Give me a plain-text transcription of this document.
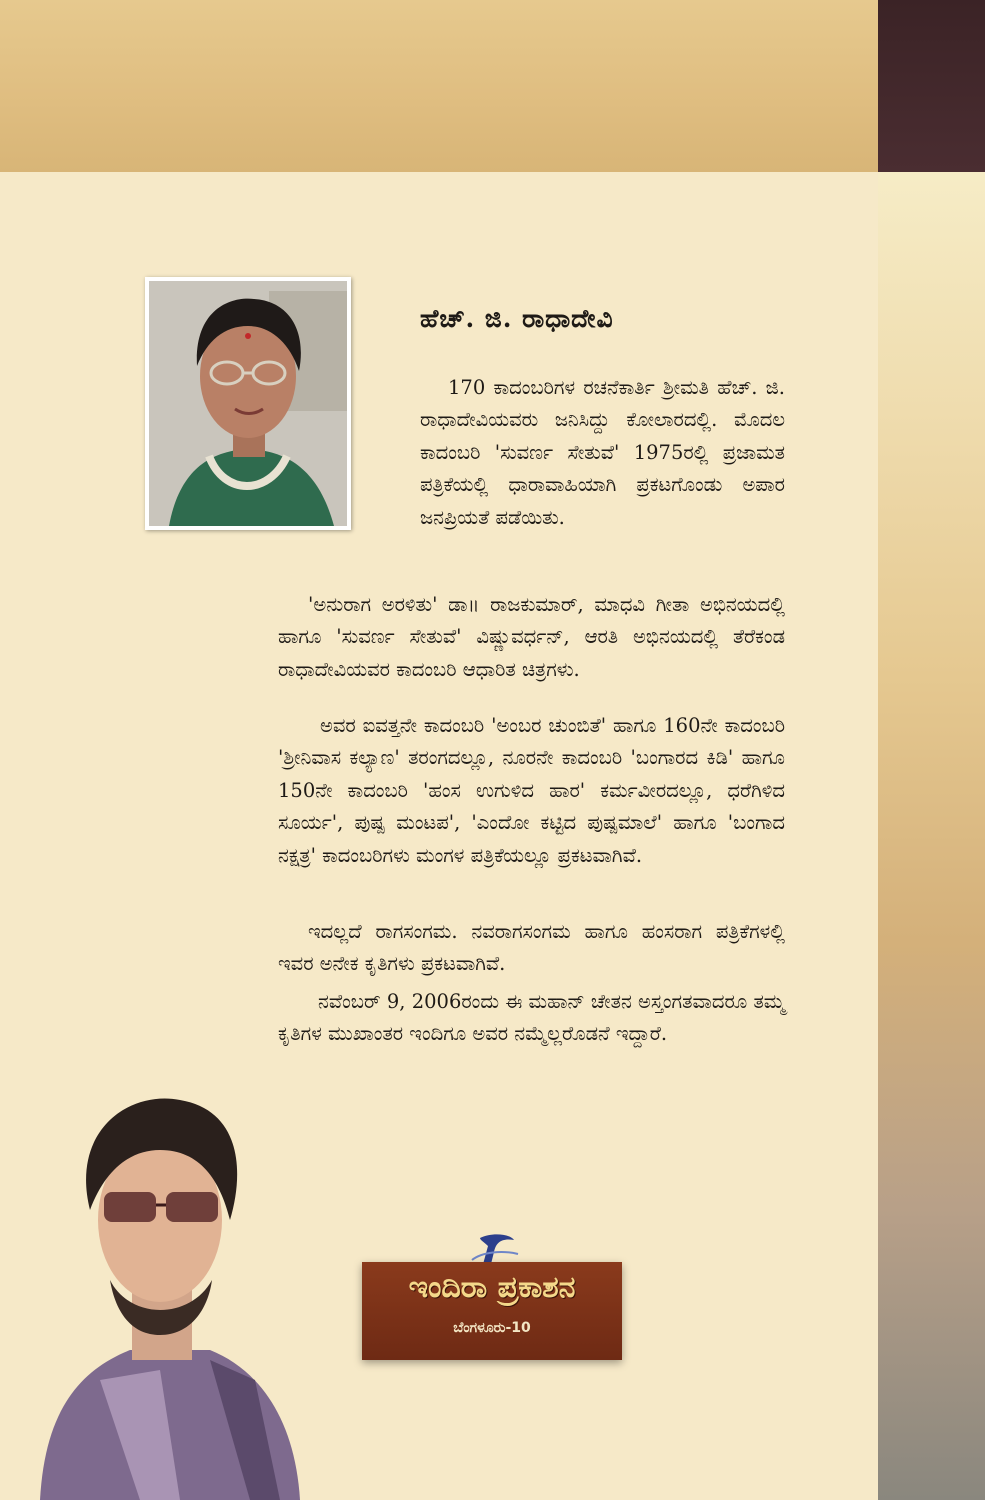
ಹೆಚ್. ಜಿ. ರಾಧಾದೇವಿ

170 ಕಾದಂಬರಿಗಳ ರಚನೆಕಾರ್ತಿ ಶ್ರೀಮತಿ ಹೆಚ್. ಜಿ. ರಾಧಾದೇವಿಯವರು ಜನಿಸಿದ್ದು ಕೋಲಾರದಲ್ಲಿ. ಮೊದಲ ಕಾದಂಬರಿ 'ಸುವರ್ಣ ಸೇತುವೆ' 1975ರಲ್ಲಿ ಪ್ರಜಾಮತ ಪತ್ರಿಕೆಯಲ್ಲಿ ಧಾರಾವಾಹಿಯಾಗಿ ಪ್ರಕಟಗೊಂಡು ಅಪಾರ ಜನಪ್ರಿಯತೆ ಪಡೆಯಿತು.

'ಅನುರಾಗ ಅರಳಿತು' ಡಾ॥ ರಾಜಕುಮಾರ್, ಮಾಧವಿ ಗೀತಾ ಅಭಿನಯದಲ್ಲಿ ಹಾಗೂ 'ಸುವರ್ಣ ಸೇತುವೆ' ವಿಷ್ಣುವರ್ಧನ್, ಆರತಿ ಅಭಿನಯದಲ್ಲಿ ತೆರೆಕಂಡ ರಾಧಾದೇವಿಯವರ ಕಾದಂಬರಿ ಆಧಾರಿತ ಚಿತ್ರಗಳು.

ಅವರ ಐವತ್ತನೇ ಕಾದಂಬರಿ 'ಅಂಬರ ಚುಂಬಿತೆ' ಹಾಗೂ 160ನೇ ಕಾದಂಬರಿ 'ಶ್ರೀನಿವಾಸ ಕಲ್ಯಾಣ' ತರಂಗದಲ್ಲೂ, ನೂರನೇ ಕಾದಂಬರಿ 'ಬಂಗಾರದ ಕಿಡಿ' ಹಾಗೂ 150ನೇ ಕಾದಂಬರಿ 'ಹಂಸ ಉಗುಳಿದ ಹಾರ' ಕರ್ಮವೀರದಲ್ಲೂ, ಧರೆಗಿಳಿದ ಸೂರ್ಯ', ಪುಷ್ಪ ಮಂಟಪ', 'ಎಂದೋ ಕಟ್ಟಿದ ಪುಷ್ಪಮಾಲೆ' ಹಾಗೂ 'ಬಂಗಾದ ನಕ್ಷತ್ರ' ಕಾದಂಬರಿಗಳು ಮಂಗಳ ಪತ್ರಿಕೆಯಲ್ಲೂ ಪ್ರಕಟವಾಗಿವೆ.

ಇದಲ್ಲದೆ ರಾಗಸಂಗಮ. ನವರಾಗಸಂಗಮ ಹಾಗೂ ಹಂಸರಾಗ ಪತ್ರಿಕೆಗಳಲ್ಲಿ ಇವರ ಅನೇಕ ಕೃತಿಗಳು ಪ್ರಕಟವಾಗಿವೆ.

ನವೆಂಬರ್ 9, 2006ರಂದು ಈ ಮಹಾನ್ ಚೇತನ ಅಸ್ತಂಗತವಾದರೂ ತಮ್ಮ ಕೃತಿಗಳ ಮುಖಾಂತರ ಇಂದಿಗೂ ಅವರ ನಮ್ಮೆಲ್ಲರೊಡನೆ ಇದ್ದಾರೆ.

ಇಂದಿರಾ ಪ್ರಕಾಶನ
ಬೆಂಗಳೂರು-10
